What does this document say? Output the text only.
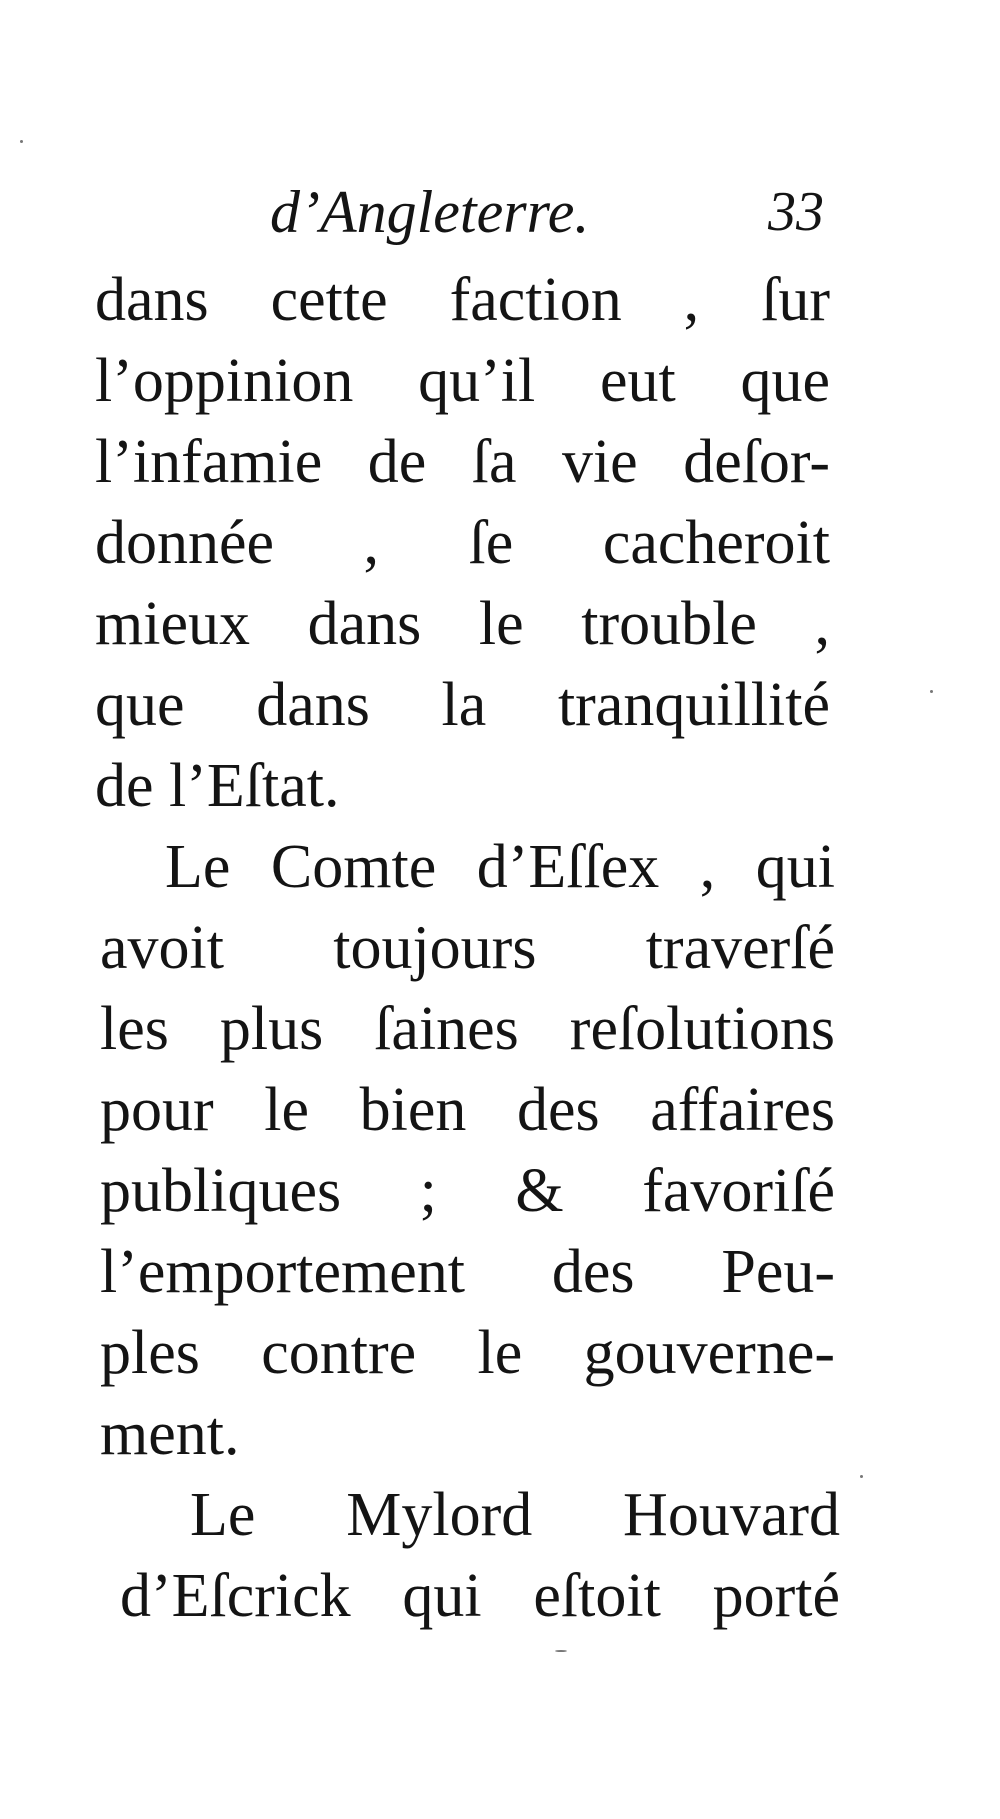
d’Angleterre.	33
dans cette faction , ſur
l’oppinion qu’il eut que
l’infamie de ſa vie deſor-
donnée , ſe cacheroit
mieux dans le trouble ,
que dans la tranquillité
de l’Eſtat.
Le Comte d’Eſſex , qui
avoit toujours traverſé
les plus ſaines reſolutions
pour le bien des affaires
publiques ; & favoriſé
l’emportement des Peu-
ples contre le gouverne-
ment.
Le Mylord Houvard
d’Eſcrick qui eſtoit porté
